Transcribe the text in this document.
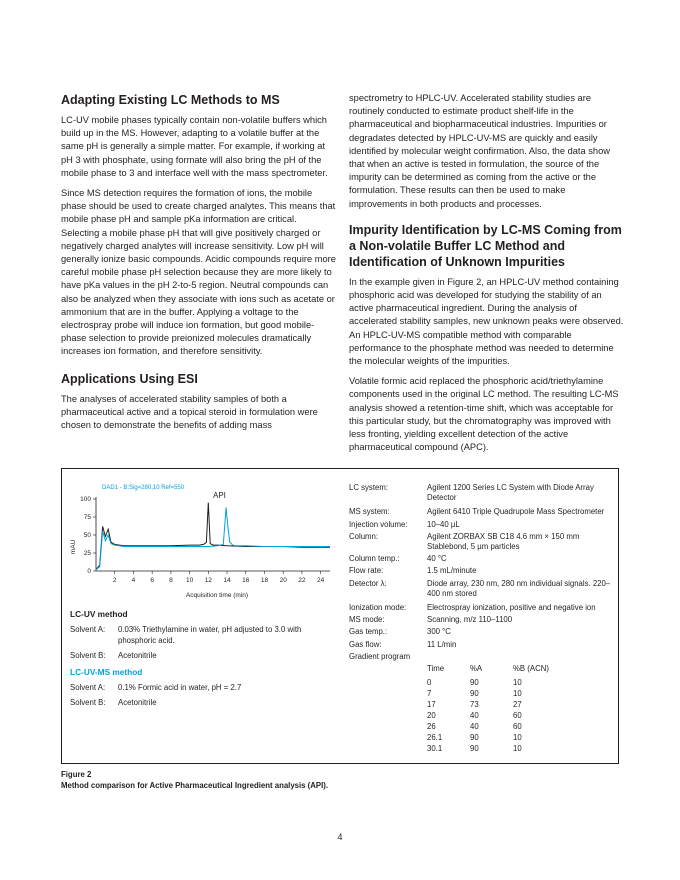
Adapting Existing LC Methods to MS

LC-UV mobile phases typically contain non-volatile buffers which build up in the MS. However, adapting to a volatile buffer at the same pH is generally a simple matter. For example, if working at pH 3 with phosphate, using formate will also bring the pH of the mobile phase to 3 and interface well with the mass spectrometer.

Since MS detection requires the formation of ions, the mobile phase should be used to create charged analytes. This means that mobile phase pH and sample pKa information are critical. Selecting a mobile phase pH that will give positively charged or negatively charged analytes will increase sensitivity. Low pH will generally ionize basic compounds. Acidic compounds require more careful mobile phase pH selection because they are more likely to have pKa values in the pH 2-to-5 region. Neutral compounds can also be analyzed when they associate with ions such as acetate or ammonium that are in the buffer. Applying a voltage to the electrospray probe will induce ion formation, but good mobile-phase selection to provide preionized molecules dramatically increases ion formation, and therefore sensitivity.

Applications Using ESI

The analyses of accelerated stability samples of both a pharmaceutical active and a topical steroid in formulation were chosen to demonstrate the benefits of adding mass

spectrometry to HPLC-UV. Accelerated stability studies are routinely conducted to estimate product shelf-life in the pharmaceutical and biopharmaceutical industries. Impurities or degradates detected by HPLC-UV-MS are quickly and easily identified by molecular weight confirmation. Also, the data show that when an active is tested in formulation, the source of the impurity can be determined as coming from the active or the formulation. These results can then be used to make improvements in both products and processes.

Impurity Identification by LC-MS Coming from a Non-volatile Buffer LC Method and Identification of Unknown Impurities

In the example given in Figure 2, an HPLC-UV method containing phosphoric acid was developed for studying the stability of an active pharmaceutical ingredient. During the analysis of accelerated stability samples, new unknown peaks were observed. An HPLC-UV-MS compatible method with comparable performance to the phosphate method was needed to determine the molecular weights of the impurities.

Volatile formic acid replaced the phosphoric acid/triethylamine components used in the original LC method. The resulting LC-MS analysis showed a retention-time shift, which was acceptable for this particular study, but the chromatography was improved with less fronting, yielding excellent detection of the active pharmaceutical compound (APC).

DAD1 - B:Sig=280,10 Ref=550
API
mAU
Acquisition time (min)
0
25
50
75
100
2 4 6 8 10 12 14 16 18 20 22 24
LC-UV method
Solvent A:	0.03% Triethylamine in water, pH adjusted to 3.0 with phosphoric acid.
Solvent B:	Acetonitrile
LC-UV-MS method
Solvent A:	0.1% Formic acid in water, pH = 2.7
Solvent B:	Acetonitrile
LC system:	Agilent 1200 Series LC System with Diode Array Detector
MS system:	Agilent 6410 Triple Quadrupole Mass Spectrometer
Injection volume:	10–40 µL
Column:	Agilent ZORBAX SB C18 4.6 mm × 150 mm Stablebond, 5 µm particles
Column temp.:	40 °C
Flow rate:	1.5 mL/minute
Detector λ:	Diode array, 230 nm, 280 nm individual signals. 220–400 nm stored
Ionization mode:	Electrospray ionization, positive and negative ion
MS mode:	Scanning, m/z 110–1100
Gas temp.:	300 °C
Gas flow:	11 L/min
Gradient program
Time	%A	%B (ACN)
0	90	10
7	90	10
17	73	27
20	40	60
26	40	60
26.1	90	10
30.1	90	10
Figure 2
Method comparison for Active Pharmaceutical Ingredient analysis (API).
4
